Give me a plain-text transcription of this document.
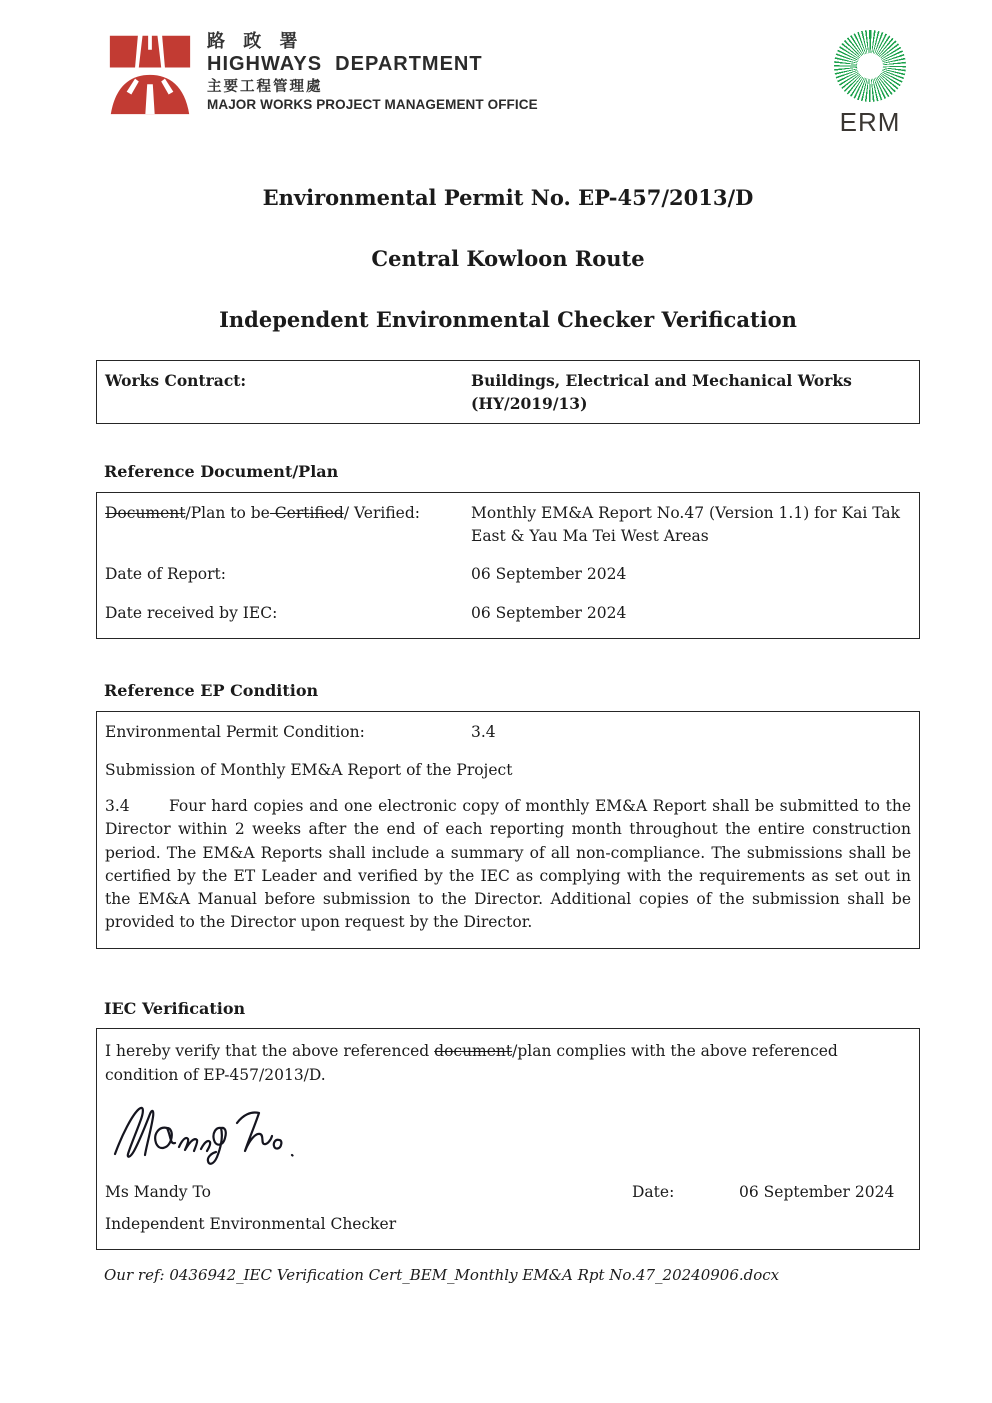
路 政 署
HIGHWAYS  DEPARTMENT
主要工程管理處
MAJOR WORKS PROJECT MANAGEMENT OFFICE
ERM
Environmental Permit No. EP-457/2013/D
Central Kowloon Route
Independent Environmental Checker Verification
Works Contract:	Buildings, Electrical and Mechanical Works  (HY/2019/13)
Reference Document/Plan
Document/Plan to be Certified/ Verified:	Monthly EM&A Report No.47 (Version 1.1) for Kai Tak East & Yau Ma Tei West Areas
Date of Report:	06 September 2024
Date received by IEC:	06 September 2024
Reference EP Condition
Environmental Permit Condition:	3.4
Submission of Monthly EM&A Report of the Project
3.4	Four hard copies and one electronic copy of monthly EM&A Report shall be submitted to the Director within 2 weeks after the end of each reporting month throughout the entire construction period. The EM&A Reports shall include a summary of all non-compliance. The submissions shall be certified by the ET Leader and verified by the IEC as complying with the requirements as set out in the EM&A Manual before submission to the Director. Additional copies of the submission shall be provided to the Director upon request by the Director.
IEC Verification
I hereby verify that the above referenced document/plan complies with the above referenced condition of EP-457/2013/D.
Ms Mandy To	Date:	06 September 2024
Independent Environmental Checker
Our ref: 0436942_IEC Verification Cert_BEM_Monthly EM&A Rpt No.47_20240906.docx
